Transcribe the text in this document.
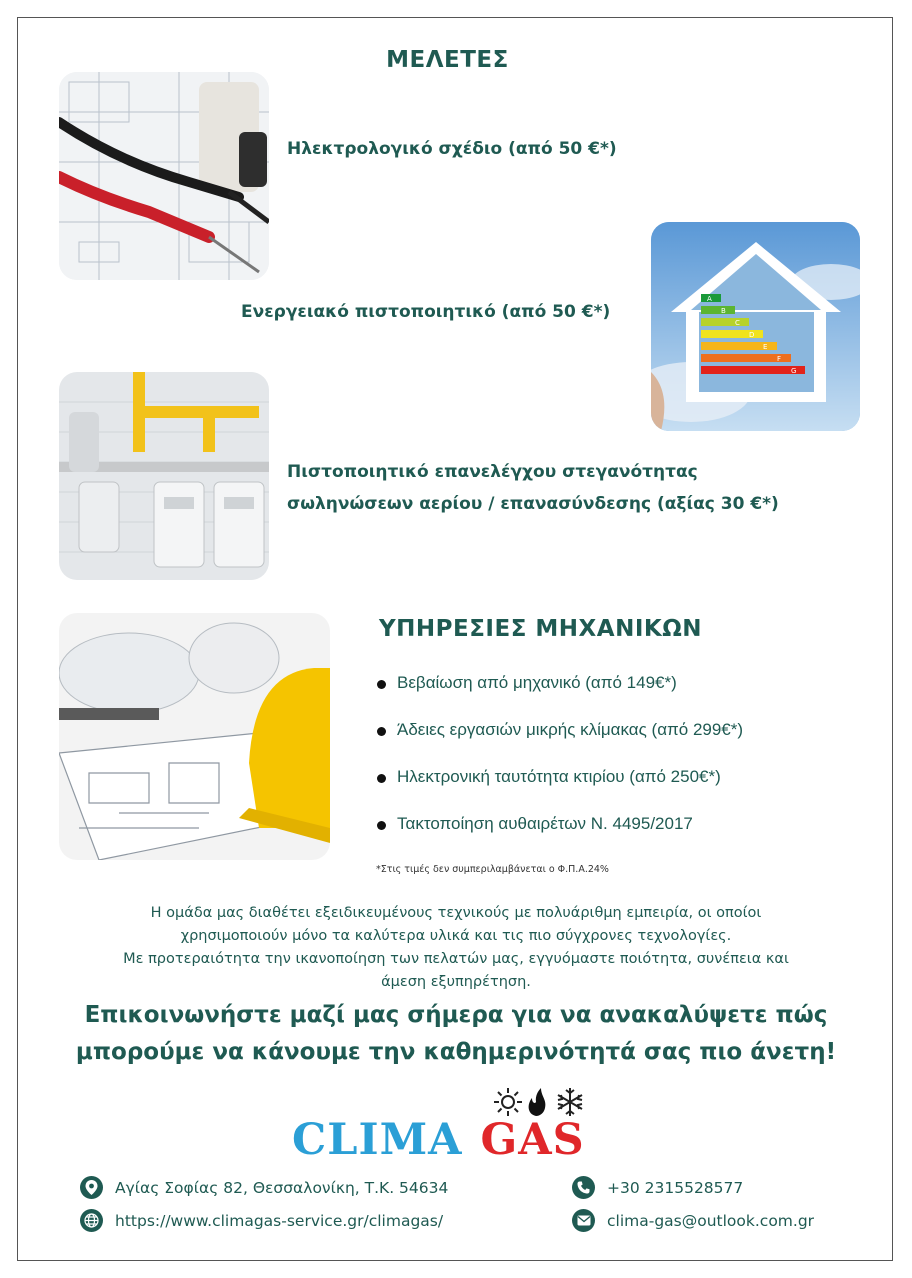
ΜΕΛΕΤΕΣ
Ηλεκτρολογικό σχέδιο (από 50 €*)
A
B
C
D
E
F
G
Ενεργειακό πιστοποιητικό (από 50 €*)
Πιστοποιητικό επανελέγχου στεγανότητας
σωληνώσεων αερίου / επανασύνδεσης (αξίας 30 €*)
ΥΠΗΡΕΣΙΕΣ ΜΗΧΑΝΙΚΩΝ
Βεβαίωση από μηχανικό (από 149€*)
Άδειες εργασιών μικρής κλίμακας (από 299€*)
Ηλεκτρονική ταυτότητα κτιρίου (από 250€*)
Τακτοποίηση αυθαιρέτων Ν. 4495/2017
*Στις τιμές δεν συμπεριλαμβάνεται ο Φ.Π.Α.24%
Η ομάδα μας διαθέτει εξειδικευμένους τεχνικούς με πολυάριθμη εμπειρία, οι οποίοι
χρησιμοποιούν μόνο τα καλύτερα υλικά και τις πιο σύγχρονες τεχνολογίες.
Με προτεραιότητα την ικανοποίηση των πελατών μας, εγγυόμαστε ποιότητα, συνέπεια και
άμεση εξυπηρέτηση.
Επικοινωνήστε μαζί μας σήμερα για να ανακαλύψετε πώς
μπορούμε να κάνουμε την καθημερινότητά σας πιο άνετη!
CLIMA GAS
Αγίας Σοφίας 82, Θεσσαλονίκη, Τ.Κ. 54634
https://www.climagas-service.gr/climagas/
+30 2315528577
clima-gas@outlook.com.gr
